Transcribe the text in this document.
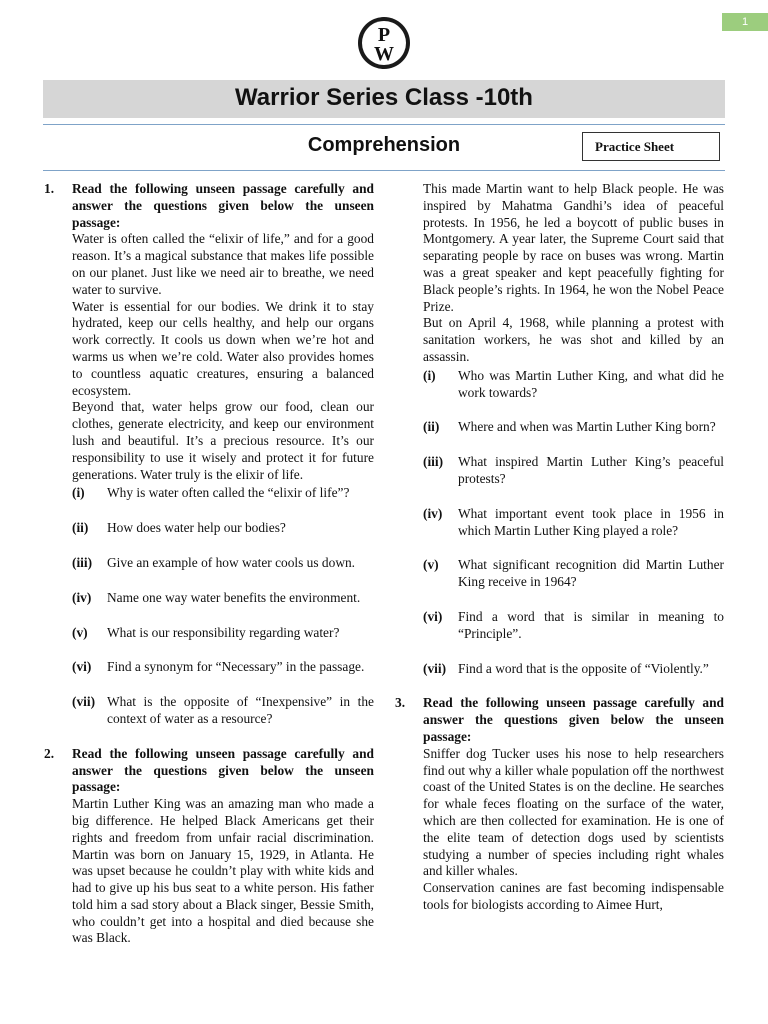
1
P
W
Warrior Series Class -10th
Comprehension	Practice Sheet
1.	Read the following unseen passage carefully and answer the questions given below the unseen passage:

Water is often called the “elixir of life,” and for a good reason. It’s a magical substance that makes life possible on our planet. Just like we need air to breathe, we need water to survive.

Water is essential for our bodies. We drink it to stay hydrated, keep our cells healthy, and help our organs work correctly. It cools us down when we’re hot and warms us when we’re cold. Water also provides homes to countless aquatic creatures, ensuring a balanced ecosystem.

Beyond that, water helps grow our food, clean our clothes, generate electricity, and keep our environment lush and beautiful. It’s a precious resource. It’s our responsibility to use it wisely and protect it for future generations. Water truly is the elixir of life.

(i)	Why is water often called the “elixir of life”?
(ii)	How does water help our bodies?
(iii)	Give an example of how water cools us down.
(iv)	Name one way water benefits the environment.
(v)	What is our responsibility regarding water?
(vi)	Find a synonym for “Necessary” in the passage.
(vii) What is the opposite of “Inexpensive” in the context of water as a resource?
2.	Read the following unseen passage carefully and answer the questions given below the unseen passage:

Martin Luther King was an amazing man who made a big difference. He helped Black Americans get their rights and freedom from unfair racial discrimination. Martin was born on January 15, 1929, in Atlanta. He was upset because he couldn’t play with white kids and had to give up his bus seat to a white person. His father told him a sad story about a Black singer, Bessie Smith, who couldn’t get into a hospital and died because she was Black.

This made Martin want to help Black people. He was inspired by Mahatma Gandhi’s idea of peaceful protests. In 1956, he led a boycott of public buses in Montgomery. A year later, the Supreme Court said that separating people by race on buses was wrong. Martin was a great speaker and kept peacefully fighting for Black people’s rights. In 1964, he won the Nobel Peace Prize.

But on April 4, 1968, while planning a protest with sanitation workers, he was shot and killed by an assassin.

(i)	Who was Martin Luther King, and what did he work towards?
(ii)	Where and when was Martin Luther King born?
(iii)	What inspired Martin Luther King’s peaceful protests?
(iv)	What important event took place in 1956 in which Martin Luther King played a role?
(v)	What significant recognition did Martin Luther King receive in 1964?
(vi)	Find a word that is similar in meaning to “Principle”.
(vii) Find a word that is the opposite of “Violently.”
3.	Read the following unseen passage carefully and answer the questions given below the unseen passage:

Sniffer dog Tucker uses his nose to help researchers find out why a killer whale population off the northwest coast of the United States is on the decline. He searches for whale feces floating on the surface of the water, which are then collected for examination. He is one of the elite team of detection dogs used by scientists studying a number of species including right whales and killer whales.

Conservation canines are fast becoming indispensable tools for biologists according to Aimee Hurt,
